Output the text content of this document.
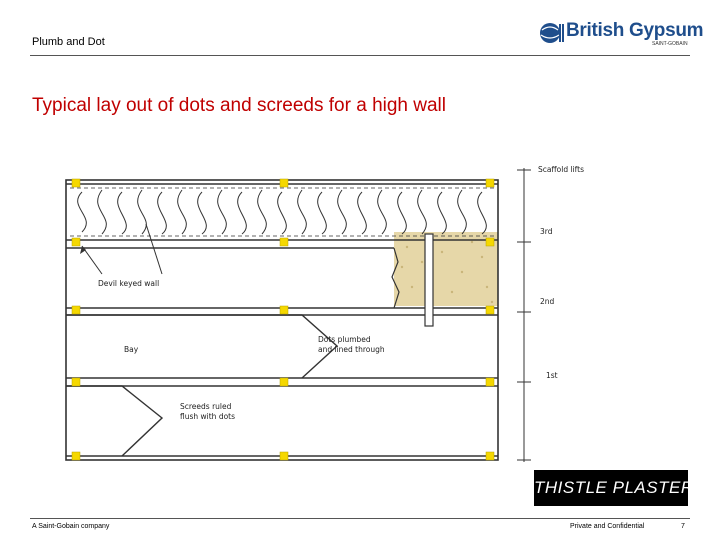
Plumb and Dot
British Gypsum
SAINT-GOBAIN
Typical lay out of dots and screeds for a high wall
Scaffold lifts
3rd
2nd
1st
Devil keyed wall
Bay
Dots plumbed
and lined through
Screeds ruled
flush with dots
THISTLE PLASTERS
A Saint-Gobain company	Private and Confidential	7
